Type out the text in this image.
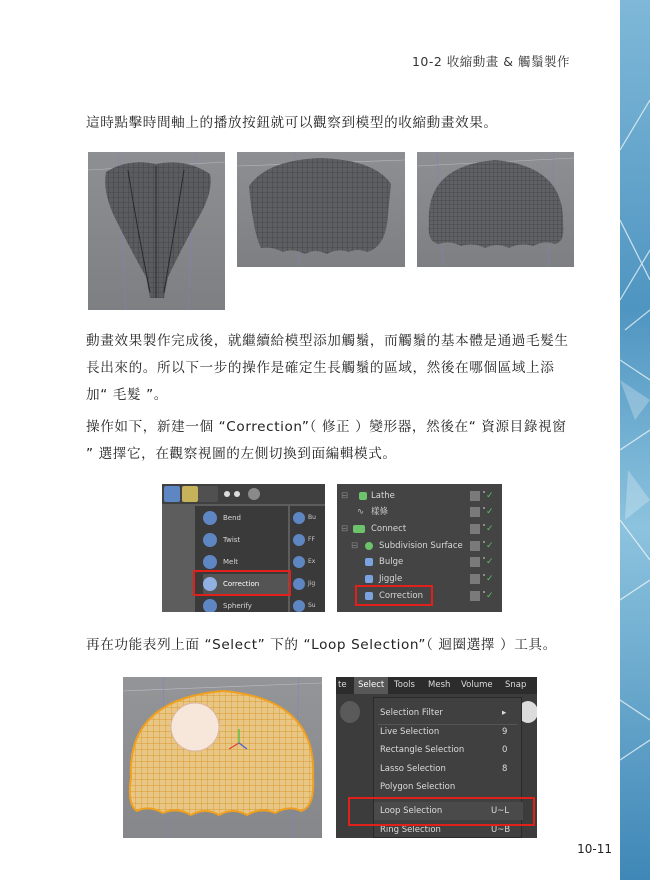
10-2 收縮動畫 & 觸鬚製作

這時點擊時間軸上的播放按鈕就可以觀察到模型的收縮動畫效果。

動畫效果製作完成後，就繼續給模型添加觸鬚，而觸鬚的基本體是通過毛髮生長出來的。所以下一步的操作是確定生長觸鬚的區域，然後在哪個區域上添加“ 毛髮 ”。

操作如下，新建一個 “Correction”（ 修正 ）變形器，然後在“ 資源目錄視窗 ” 選擇它，在觀察視圖的左側切換到面編輯模式。

Bend
Twist
Melt
Correction
Spherify
Bu
FF
Ex
Jig
Su
⊟	Lathe	✓
∿ 樣條	✓
⊟	Connect	✓
⊟ Subdivision Surface	✓
Bulge	✓
Jiggle	✓
Correction	✓

再在功能表列上面 “Select” 下的 “Loop Selection”（ 迴圈選擇 ）工具。

te	Select	Tools Mesh Volume Snap
Selection Filter	▸
Live Selection	9
Rectangle Selection	0
Lasso Selection	8
Polygon Selection
Loop Selection	U~L
Ring Selection	U~B
10-11
